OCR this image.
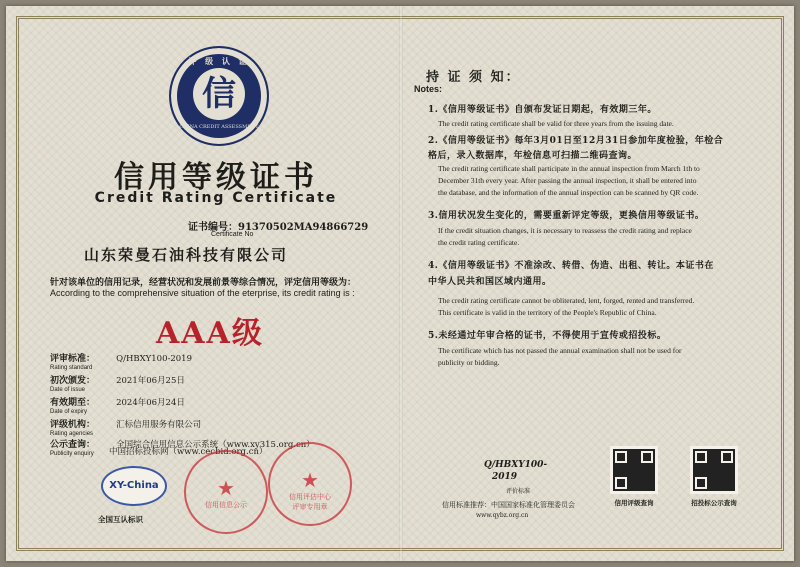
评 级 认 证
信
CHINA CREDIT ASSESSMENT
信用等级证书
Credit Rating Certificate
证书编号：91370502MA94866729
Certificate No
山东荣曼石油科技有限公司
针对该单位的信用记录，经营状况和发展前景等综合情况，评定信用等级为：
According to the comprehensive situation of the eterprise, its credit rating is :
AAA级
评审标准： Q/HBXY100-2019
Rating standard
初次颁发： 2021年06月25日
Date of issue
有效期至： 2024年06月24日
Date of expiry
评级机构： 汇标信用服务有限公司
Rating agencies
公示查询： 全国综合信用信息公示系统（www.xy315.org.cn）
Publicity enquiry	中国招标投标网（www.cecbid.org.cn）
XY-China
全国互认标识
★
信用信息公示
★
信用评估中心
评审专用章
持 证 须 知：
Notes:
1.《信用等级证书》自颁布发证日期起，有效期三年。
The credit rating certificate shall be valid for three years from the issuing date.
2.《信用等级证书》每年3月01日至12月31日参加年度检验，年检合
格后，录入数据库，年检信息可扫描二维码查询。
The credit rating certificate shall participate in the annual inspection from March 1th to
December 31th every year. After passing the annual inspection, it shall be entered into
the database, and the information of the annual inspection can be scanned by QR code.
3.信用状况发生变化的，需要重新评定等级，更换信用等级证书。
If the credit situation changes, it is necessary to reassess the credit rating and replace
the credit rating certificate.
4.《信用等级证书》不准涂改、转借、伪造、出租、转让。本证书在
中华人民共和国区域内通用。
The credit rating certificate cannot be obliterated, lent, forged, rented and transferred.
This certificate is valid in the territory of the People's Republic of China.
5.未经通过年审合格的证书，不得使用于宣传或招投标。
The certificate which has not passed the annual examination shall not be used for
publicity or bidding.
Q/HBXY100-
2019
评价标准
信用标准推荐：中国国家标准化管理委员会
www.qybz.org.cn
信用评级查询	招投标公示查询
